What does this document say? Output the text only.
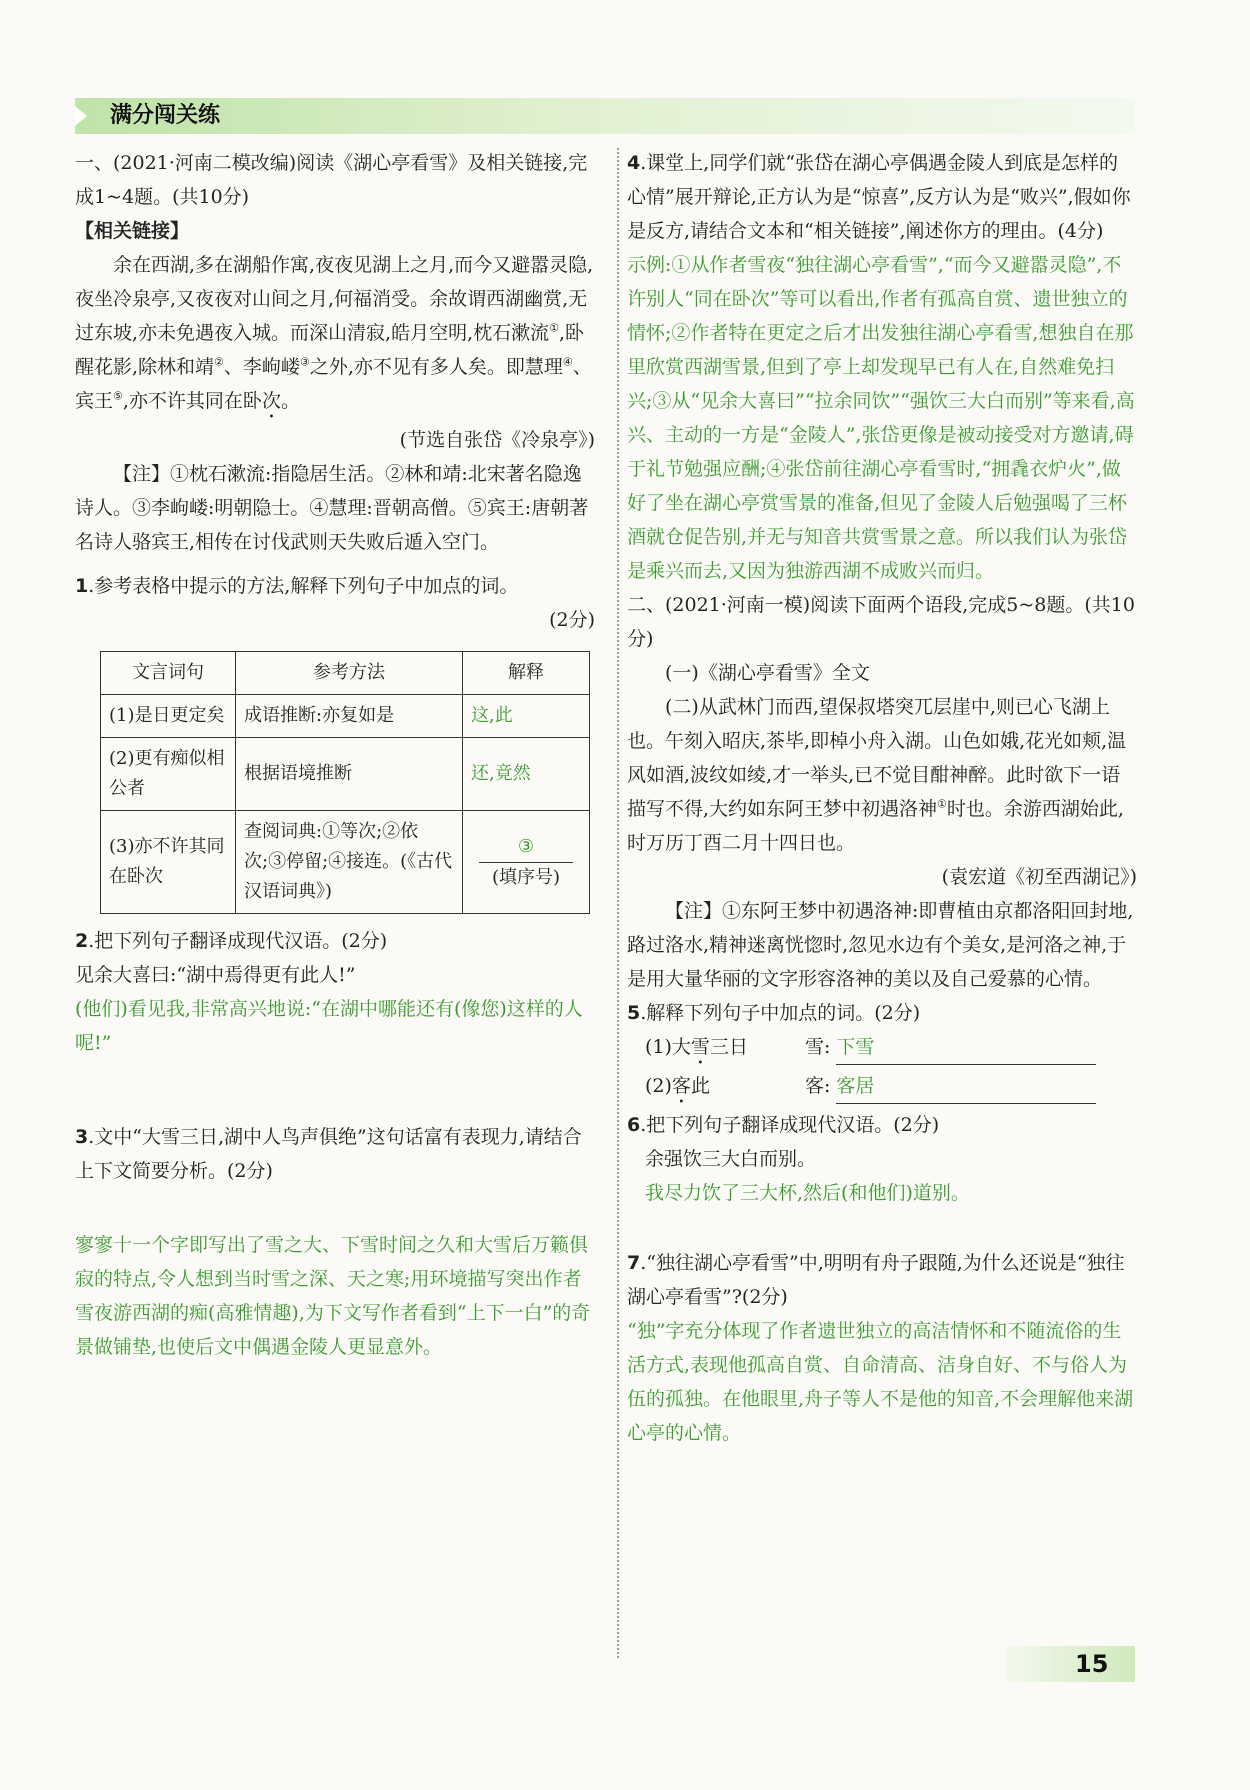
满分闯关练

一、(2021·河南二模改编)阅读《湖心亭看雪》及相关链接,完成1~4题。(共10分)

【相关链接】

余在西湖,多在湖船作寓,夜夜见湖上之月,而今又避嚣灵隐,夜坐冷泉亭,又夜夜对山间之月,何福消受。余故谓西湖幽赏,无过东坡,亦未免遇夜入城。而深山清寂,皓月空明,枕石漱流①,卧醒花影,除林和靖②、李岣嵝③之外,亦不见有多人矣。即慧理④、宾王⑤,亦不许其同在卧次。

(节选自张岱《冷泉亭》)

【注】①枕石漱流:指隐居生活。②林和靖:北宋著名隐逸诗人。③李岣嵝:明朝隐士。④慧理:晋朝高僧。⑤宾王:唐朝著名诗人骆宾王,相传在讨伐武则天失败后遁入空门。

1.参考表格中提示的方法,解释下列句子中加点的词。

(2分)

文言词句	参考方法	解释
(1)是日更定矣	成语推断:亦复如是	这,此
(2)更有痴似相公者	根据语境推断	还,竟然
(3)亦不许其同在卧次	查阅词典:①等次;②依次;③停留;④接连。(《古代汉语词典》)	③
(填序号)

2.把下列句子翻译成现代汉语。(2分)

见余大喜曰:“湖中焉得更有此人!”

(他们)看见我,非常高兴地说:“在湖中哪能还有(像您)这样的人呢!”

3.文中“大雪三日,湖中人鸟声俱绝”这句话富有表现力,请结合上下文简要分析。(2分)

寥寥十一个字即写出了雪之大、下雪时间之久和大雪后万籁俱寂的特点,令人想到当时雪之深、天之寒;用环境描写突出作者雪夜游西湖的痴(高雅情趣),为下文写作者看到“上下一白”的奇景做铺垫,也使后文中偶遇金陵人更显意外。

4.课堂上,同学们就“张岱在湖心亭偶遇金陵人到底是怎样的心情”展开辩论,正方认为是“惊喜”,反方认为是“败兴”,假如你是反方,请结合文本和“相关链接”,阐述你方的理由。(4分)

示例:①从作者雪夜“独往湖心亭看雪”,“而今又避嚣灵隐”,不许别人“同在卧次”等可以看出,作者有孤高自赏、遗世独立的情怀;②作者特在更定之后才出发独往湖心亭看雪,想独自在那里欣赏西湖雪景,但到了亭上却发现早已有人在,自然难免扫兴;③从“见余大喜曰”“拉余同饮”“强饮三大白而别”等来看,高兴、主动的一方是“金陵人”,张岱更像是被动接受对方邀请,碍于礼节勉强应酬;④张岱前往湖心亭看雪时,“拥毳衣炉火”,做好了坐在湖心亭赏雪景的准备,但见了金陵人后勉强喝了三杯酒就仓促告别,并无与知音共赏雪景之意。所以我们认为张岱是乘兴而去,又因为独游西湖不成败兴而归。

二、(2021·河南一模)阅读下面两个语段,完成5~8题。(共10分)

(一)《湖心亭看雪》全文

(二)从武林门而西,望保叔塔突兀层崖中,则已心飞湖上也。午刻入昭庆,茶毕,即棹小舟入湖。山色如娥,花光如颊,温风如酒,波纹如绫,才一举头,已不觉目酣神醉。此时欲下一语描写不得,大约如东阿王梦中初遇洛神①时也。余游西湖始此,时万历丁酉二月十四日也。

(袁宏道《初至西湖记》)

【注】①东阿王梦中初遇洛神:即曹植由京都洛阳回封地,路过洛水,精神迷离恍惚时,忽见水边有个美女,是河洛之神,于是用大量华丽的文字形容洛神的美以及自己爱慕的心情。

5.解释下列句子中加点的词。(2分)

(1)大雪三日	雪: 下雪

(2)客此	客: 客居

6.把下列句子翻译成现代汉语。(2分)

余强饮三大白而别。

我尽力饮了三大杯,然后(和他们)道别。

7.“独往湖心亭看雪”中,明明有舟子跟随,为什么还说是“独往湖心亭看雪”?(2分)

“独”字充分体现了作者遗世独立的高洁情怀和不随流俗的生活方式,表现他孤高自赏、自命清高、洁身自好、不与俗人为伍的孤独。在他眼里,舟子等人不是他的知音,不会理解他来湖心亭的心情。

15
